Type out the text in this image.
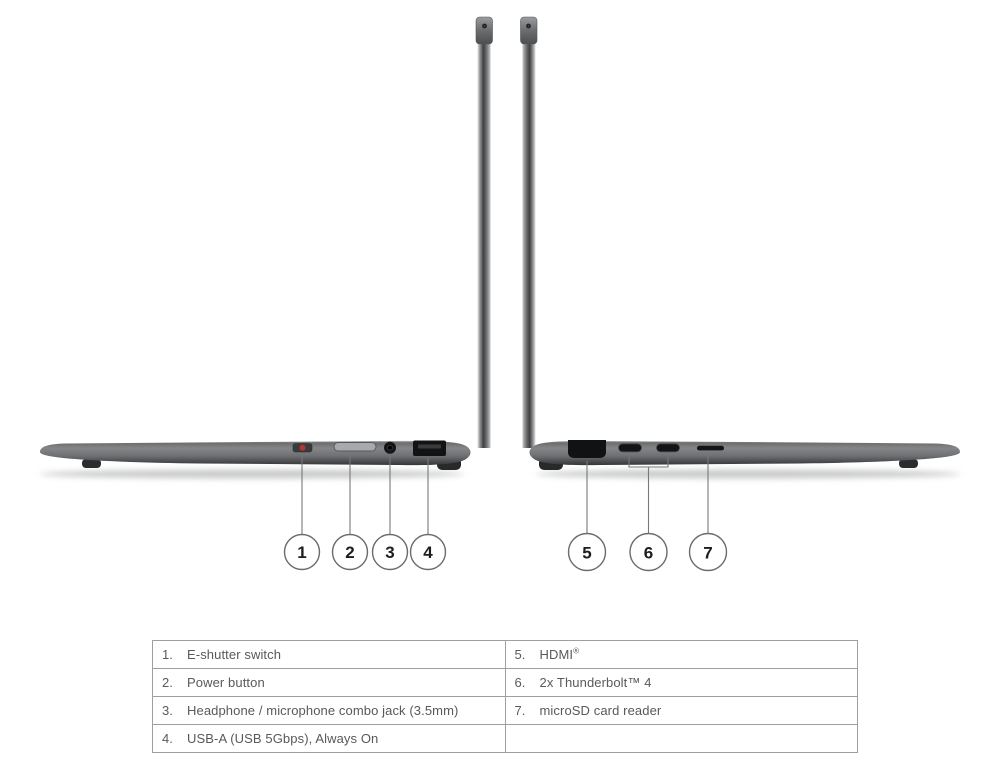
1 2 3 4	5	6	7
1. E-shutter switch	5. HDMI®
2. Power button	6. 2x Thunderbolt™ 4
3. Headphone / microphone combo jack (3.5mm)	7. microSD card reader
4. USB-A (USB 5Gbps), Always On	
